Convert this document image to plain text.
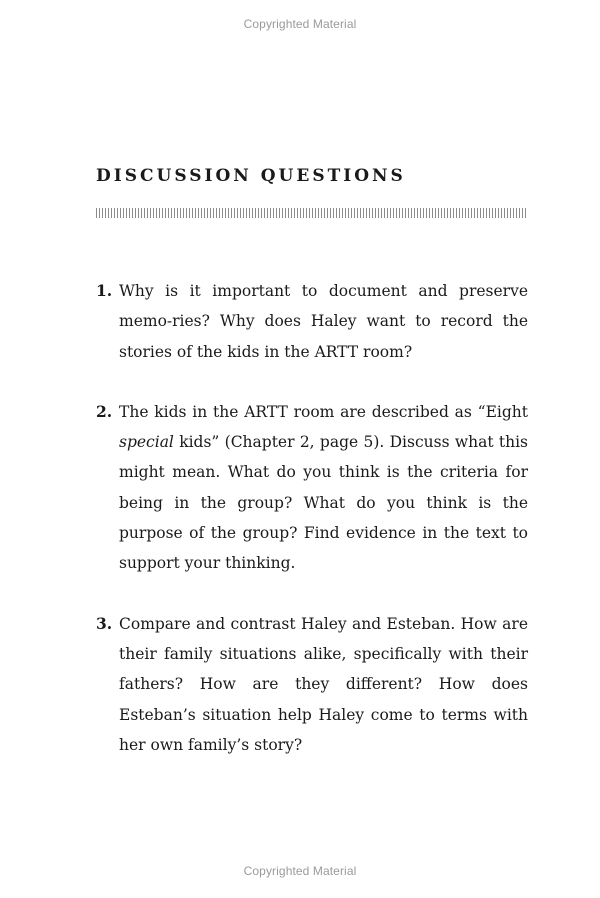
Copyrighted Material
DISCUSSION QUESTIONS
1. Why is it important to document and preserve memo-ries? Why does Haley want to record the stories of the kids in the ARTT room?
2. The kids in the ARTT room are described as “Eight special kids” (Chapter 2, page 5). Discuss what this might mean. What do you think is the criteria for being in the group? What do you think is the purpose of the group? Find evidence in the text to support your thinking.
3. Compare and contrast Haley and Esteban. How are their family situations alike, specifically with their fathers? How are they different? How does Esteban’s situation help Haley come to terms with her own family’s story?
Copyrighted Material
